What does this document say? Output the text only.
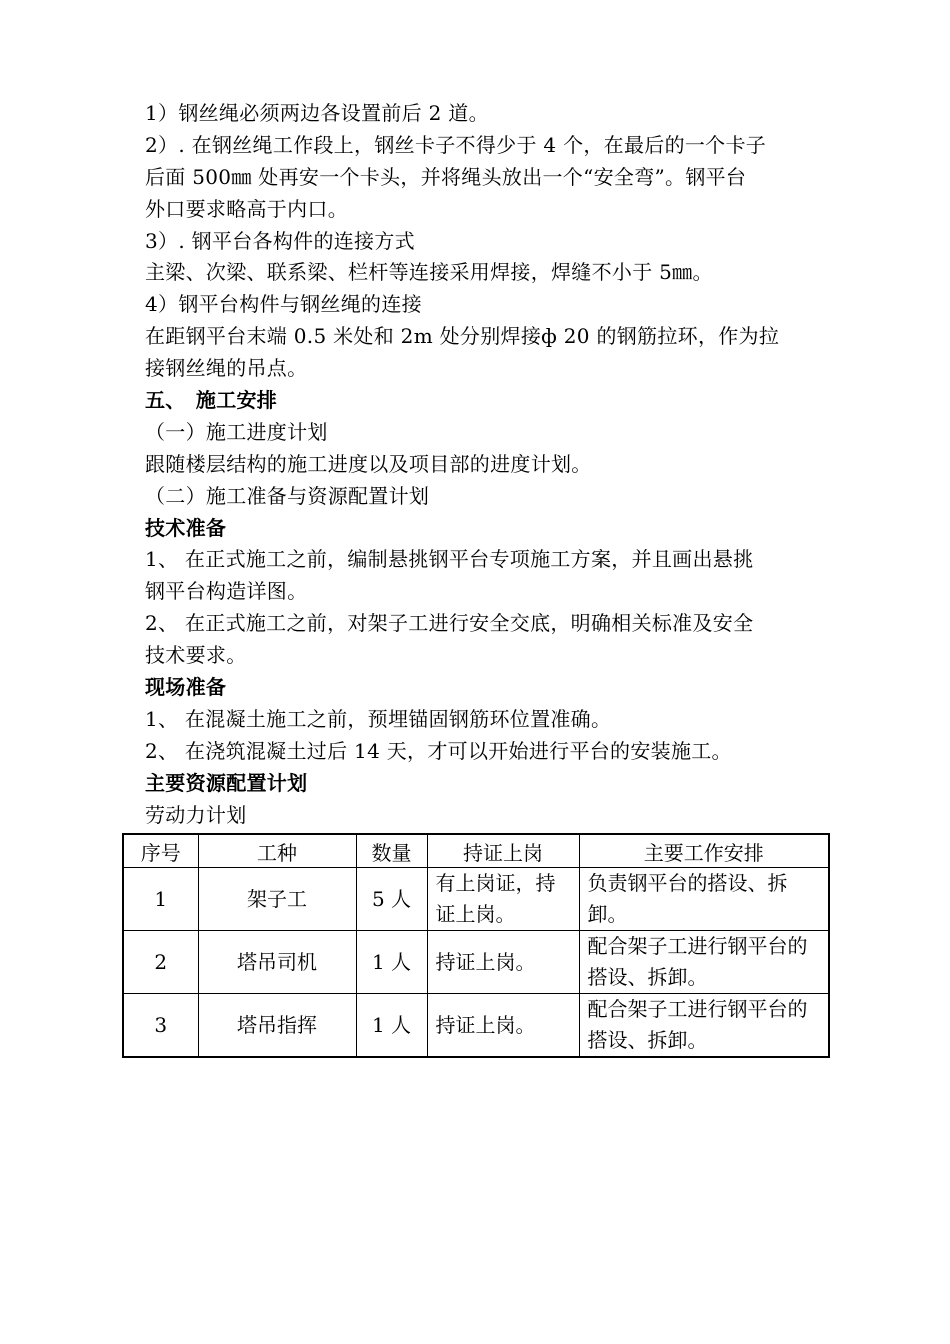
1）钢丝绳必须两边各设置前后 2 道。
2）. 在钢丝绳工作段上，钢丝卡子不得少于 4 个，在最后的一个卡子
后面 500㎜ 处再安一个卡头，并将绳头放出一个“安全弯”。钢平台
外口要求略高于内口。
3）. 钢平台各构件的连接方式
主梁、次梁、联系梁、栏杆等连接采用焊接，焊缝不小于 5㎜。
4）钢平台构件与钢丝绳的连接
在距钢平台末端 0.5 米处和 2m 处分别焊接ф 20 的钢筋拉环，作为拉
接钢丝绳的吊点。
五、　施工安排
（一）施工进度计划
跟随楼层结构的施工进度以及项目部的进度计划。
（二）施工准备与资源配置计划
技术准备
1、 在正式施工之前，编制悬挑钢平台专项施工方案，并且画出悬挑
钢平台构造详图。
2、 在正式施工之前，对架子工进行安全交底，明确相关标准及安全
技术要求。
现场准备
1、 在混凝土施工之前，预埋锚固钢筋环位置准确。
2、 在浇筑混凝土过后 14 天，才可以开始进行平台的安装施工。
主要资源配置计划
劳动力计划
序号	工种	数量	持证上岗	主要工作安排
1	架子工	5 人	有上岗证，持证上岗。	负责钢平台的搭设、拆卸。
2	塔吊司机	1 人	持证上岗。	配合架子工进行钢平台的搭设、拆卸。
3	塔吊指挥	1 人	持证上岗。	配合架子工进行钢平台的搭设、拆卸。
